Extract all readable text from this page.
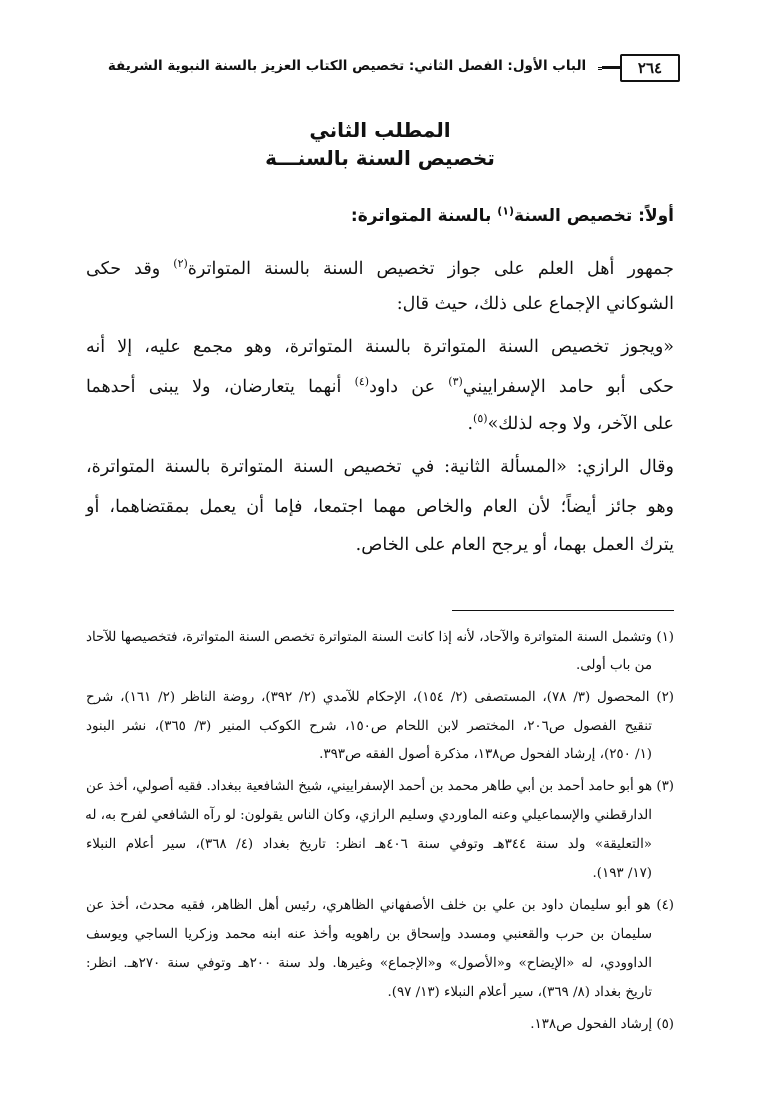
٢٦٤
الباب الأول: الفصل الثاني: تخصيص الكتاب العزيز بالسنة النبوية الشريفة
المطلب الثاني
تخصيص السنة بالسنـــة
أولاً: تخصيص السنة$^{(١)}$ بالسنة المتواترة:
جمهور أهل العلم على جواز تخصيص السنة بالسنة المتواترة$^{(٢)}$ وقد حكى
الشوكاني الإجماع على ذلك، حيث قال:
«ويجوز تخصيص السنة المتواترة بالسنة المتواترة، وهو مجمع عليه، إلا أنه
حكى أبو حامد الإسفراييني$^{(٣)}$ عن داود$^{(٤)}$ أنهما يتعارضان، ولا يبنى أحدهما
على الآخر، ولا وجه لذلك»$^{(٥)}$.
وقال الرازي: «المسألة الثانية: في تخصيص السنة المتواترة بالسنة المتواترة،
وهو جائز أيضاً؛ لأن العام والخاص مهما اجتمعا، فإما أن يعمل بمقتضاهما، أو
يترك العمل بهما، أو يرجح العام على الخاص.
(١) وتشمل السنة المتواترة والآحاد، لأنه إذا كانت السنة المتواترة تخصص السنة المتواترة، فتخصيصها للآحاد
من باب أولى.
(٢) المحصول (٣/ ٧٨)، المستصفى (٢/ ١٥٤)، الإحكام للآمدي (٢/ ٣٩٢)، روضة الناظر (٢/ ١٦١)، شرح
تنقيح الفصول ص٢٠٦، المختصر لابن اللحام ص١٥٠، شرح الكوكب المنير (٣/ ٣٦٥)، نشر البنود
(١/ ٢٥٠)، إرشاد الفحول ص١٣٨، مذكرة أصول الفقه ص٣٩٣.
(٣) هو أبو حامد أحمد بن أبي طاهر محمد بن أحمد الإسفراييني، شيخ الشافعية ببغداد. فقيه أصولي، أخذ عن
الدارقطني والإسماعيلي وعنه الماوردي وسليم الرازي، وكان الناس يقولون: لو رآه الشافعي لفرح به، له
«التعليقة» ولد سنة ٣٤٤هـ وتوفي سنة ٤٠٦هـ انظر: تاريخ بغداد (٤/ ٣٦٨)، سير أعلام النبلاء
(١٧/ ١٩٣).
(٤) هو أبو سليمان داود بن علي بن خلف الأصفهاني الظاهري، رئيس أهل الظاهر، فقيه محدث، أخذ عن
سليمان بن حرب والقعنبي ومسدد وإسحاق بن راهويه وأخذ عنه ابنه محمد وزكريا الساجي ويوسف
الداوودي، له «الإيضاح» و«الأصول» و«الإجماع» وغيرها. ولد سنة ٢٠٠هـ وتوفي سنة ٢٧٠هـ. انظر:
تاريخ بغداد (٨/ ٣٦٩)، سير أعلام النبلاء (١٣/ ٩٧).
(٥) إرشاد الفحول ص١٣٨.
